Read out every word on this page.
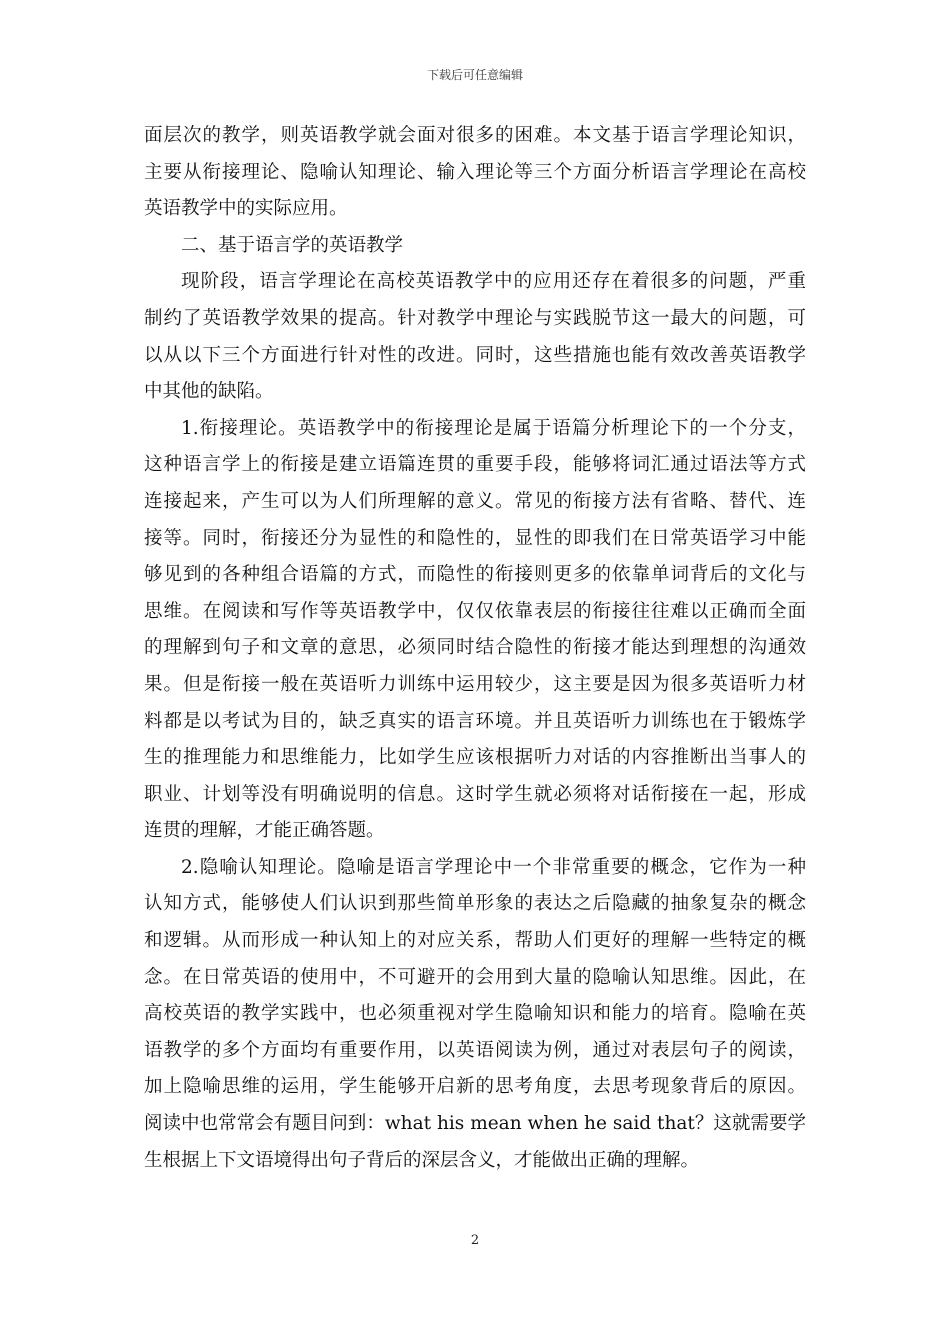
下载后可任意编辑
面层次的教学，则英语教学就会面对很多的困难。本文基于语言学理论知识，
主要从衔接理论、隐喻认知理论、输入理论等三个方面分析语言学理论在高校
英语教学中的实际应用。
二、基于语言学的英语教学
现阶段，语言学理论在高校英语教学中的应用还存在着很多的问题，严重
制约了英语教学效果的提高。针对教学中理论与实践脱节这一最大的问题，可
以从以下三个方面进行针对性的改进。同时，这些措施也能有效改善英语教学
中其他的缺陷。
1.衔接理论。英语教学中的衔接理论是属于语篇分析理论下的一个分支，
这种语言学上的衔接是建立语篇连贯的重要手段，能够将词汇通过语法等方式
连接起来，产生可以为人们所理解的意义。常见的衔接方法有省略、替代、连
接等。同时，衔接还分为显性的和隐性的，显性的即我们在日常英语学习中能
够见到的各种组合语篇的方式，而隐性的衔接则更多的依靠单词背后的文化与
思维。在阅读和写作等英语教学中，仅仅依靠表层的衔接往往难以正确而全面
的理解到句子和文章的意思，必须同时结合隐性的衔接才能达到理想的沟通效
果。但是衔接一般在英语听力训练中运用较少，这主要是因为很多英语听力材
料都是以考试为目的，缺乏真实的语言环境。并且英语听力训练也在于锻炼学
生的推理能力和思维能力，比如学生应该根据听力对话的内容推断出当事人的
职业、计划等没有明确说明的信息。这时学生就必须将对话衔接在一起，形成
连贯的理解，才能正确答题。
2.隐喻认知理论。隐喻是语言学理论中一个非常重要的概念，它作为一种
认知方式，能够使人们认识到那些简单形象的表达之后隐藏的抽象复杂的概念
和逻辑。从而形成一种认知上的对应关系，帮助人们更好的理解一些特定的概
念。在日常英语的使用中，不可避开的会用到大量的隐喻认知思维。因此，在
高校英语的教学实践中，也必须重视对学生隐喻知识和能力的培育。隐喻在英
语教学的多个方面均有重要作用，以英语阅读为例，通过对表层句子的阅读，
加上隐喻思维的运用，学生能够开启新的思考角度，去思考现象背后的原因。
阅读中也常常会有题目问到：what his mean when he said that？这就需要学
生根据上下文语境得出句子背后的深层含义，才能做出正确的理解。
2
